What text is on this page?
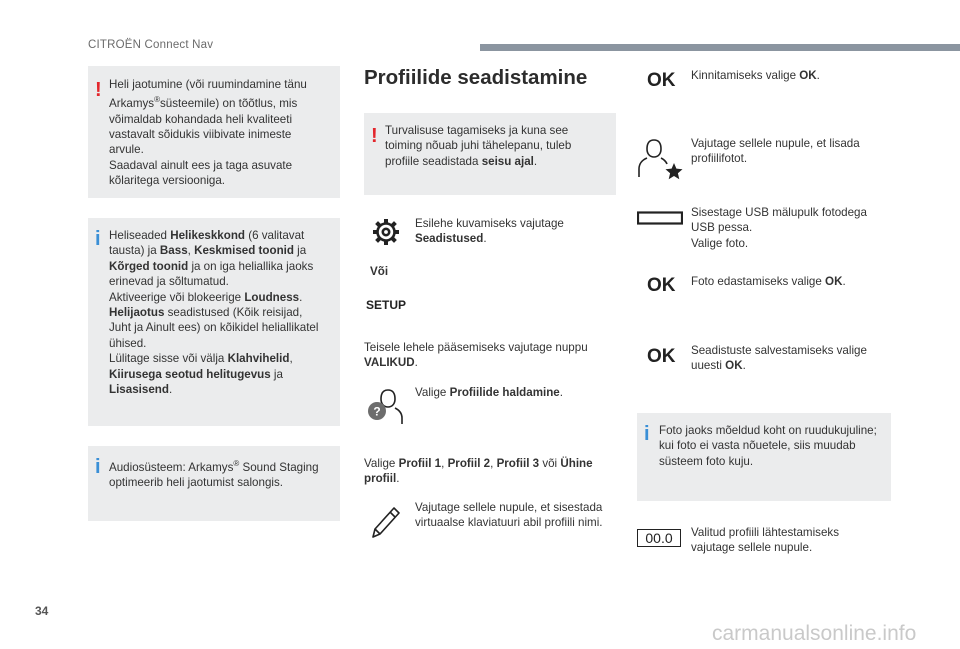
CITROËN Connect Nav
! Heli jaotumine (või ruumindamine tänu

Arkamys®süsteemile) on tõõtlus, mis

võimaldab kohandada heli kvaliteeti

vastavalt sõidukis viibivate inimeste

arvule.

Saadaval ainult ees ja taga asuvate

kõlaritega versiooniga.

i Heliseaded Helikeskkond (6 valitavat

tausta) ja Bass, Keskmised toonid ja

Kõrged toonid ja on iga heliallika jaoks

erinevad ja sõltumatud.

Aktiveerige või blokeerige Loudness.

Helijaotus seadistused (Kõik reisijad,

Juht ja Ainult ees) on kõikidel heliallikatel

ühised.

Lülitage sisse või välja Klahvihelid,

Kiirusega seotud helitugevus ja

Lisasisend.

i Audiosüsteem: Arkamys® Sound Staging

optimeerib heli jaotumist salongis.

Profiilide seadistamine
! Turvalisuse tagamiseks ja kuna see

toiming nõuab juhi tähelepanu, tuleb

profiile seadistada seisu ajal.

Esilehe kuvamiseks vajutage

Seadistused.

Või
SETUP

Teisele lehele pääsemiseks vajutage nuppu

VALIKUD.

?

Valige Profiilide haldamine.

Valige Profiil 1, Profiil 2, Profiil 3 või Ühine

profiil.

Vajutage sellele nupule, et sisestada

virtuaalse klaviatuuri abil profiili nimi.

OK Kinnitamiseks valige OK.

Vajutage sellele nupule, et lisada

profiilifotot.

Sisestage USB mälupulk fotodega

USB pessa.

Valige foto.

OK Foto edastamiseks valige OK.

OK Seadistuste salvestamiseks valige

uuesti OK.

i Foto jaoks mõeldud koht on ruudukujuline;

kui foto ei vasta nõuetele, siis muudab

süsteem foto kuju.

00.0	Valitud profiili lähtestamiseks

vajutage sellele nupule.

34
carmanualsonline.info
